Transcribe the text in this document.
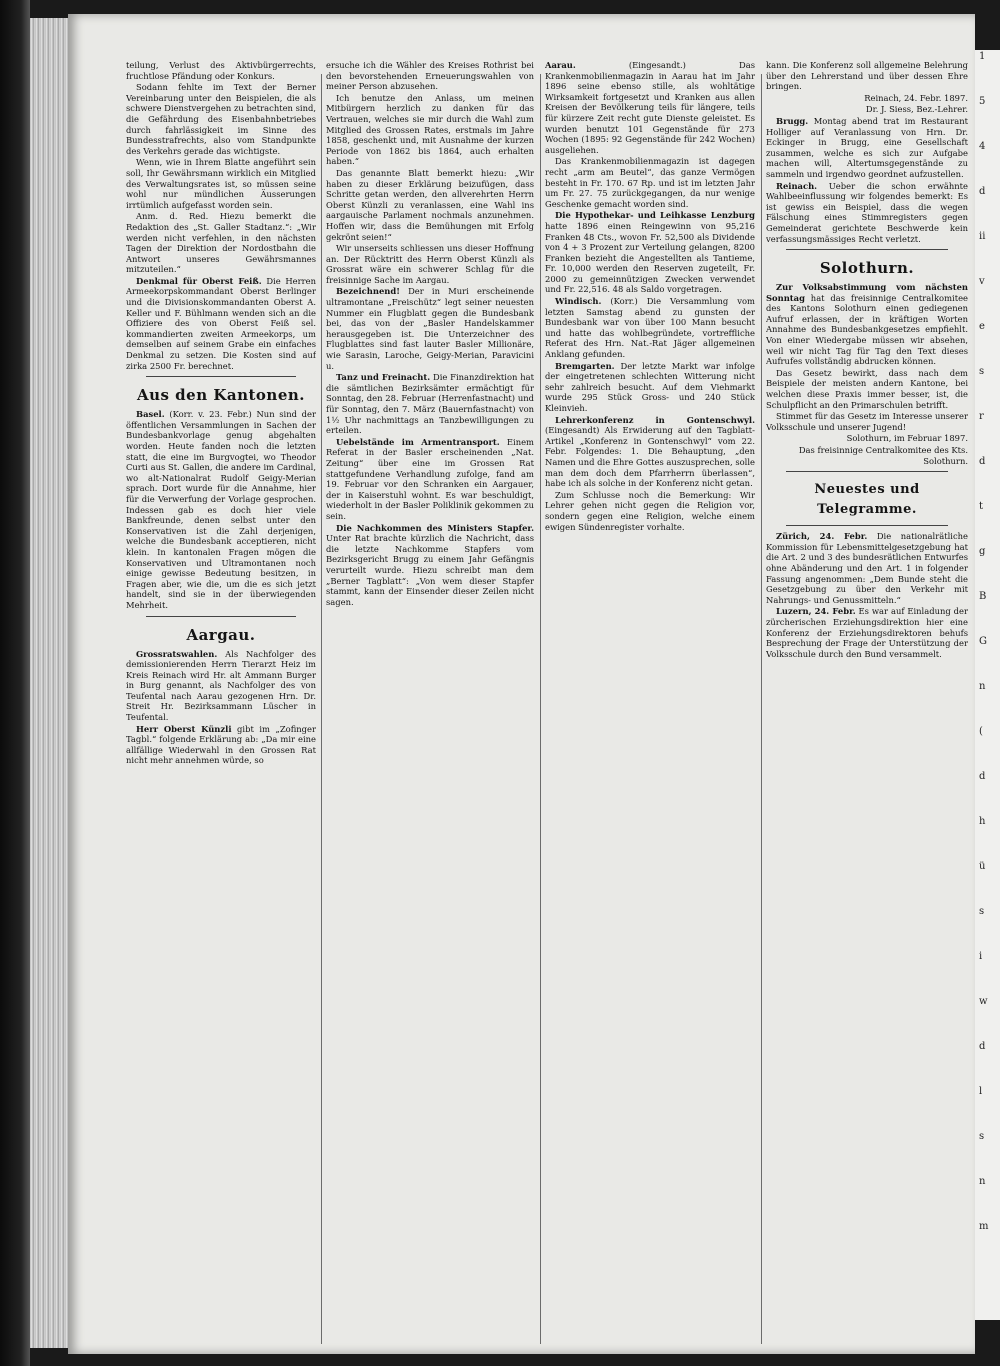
teilung, Verlust des Aktivbürgerrechts, fruchtlose Pfändung oder Konkurs.

Sodann fehlte im Text der Berner Vereinbarung unter den Beispielen, die als schwere Dienstvergehen zu betrachten sind, die Gefährdung des Eisenbahnbetriebes durch fahrlässigkeit im Sinne des Bundesstrafrechts, also vom Standpunkte des Verkehrs gerade das wichtigste.

Wenn, wie in Ihrem Blatte angeführt sein soll, Ihr Gewährsmann wirklich ein Mitglied des Verwaltungsrates ist, so müssen seine wohl nur mündlichen Äusserungen irrtümlich aufgefasst worden sein.

Anm. d. Red. Hiezu bemerkt die Redaktion des „St. Galler Stadtanz.“: „Wir werden nicht verfehlen, in den nächsten Tagen der Direktion der Nordostbahn die Antwort unseres Gewährsmannes mitzuteilen.“

Denkmal für Oberst Feiß. Die Herren Armeekorpskommandant Oberst Berlinger und die Divisionskommandanten Oberst A. Keller und F. Bühlmann wenden sich an die Offiziere des von Oberst Feiß sel. kommandierten zweiten Armeekorps, um demselben auf seinem Grabe ein einfaches Denkmal zu setzen. Die Kosten sind auf zirka 2500 Fr. berechnet.

Aus den Kantonen.

Basel. (Korr. v. 23. Febr.) Nun sind der öffentlichen Versammlungen in Sachen der Bundesbankvorlage genug abgehalten worden. Heute fanden noch die letzten statt, die eine im Burgvogtei, wo Theodor Curti aus St. Gallen, die andere im Cardinal, wo alt-Nationalrat Rudolf Geigy-Merian sprach. Dort wurde für die Annahme, hier für die Verwerfung der Vorlage gesprochen. Indessen gab es doch hier viele Bankfreunde, denen selbst unter den Konservativen ist die Zahl derjenigen, welche die Bundesbank acceptieren, nicht klein. In kantonalen Fragen mögen die Konservativen und Ultramontanen noch einige gewisse Bedeutung besitzen, in Fragen aber, wie die, um die es sich jetzt handelt, sind sie in der überwiegenden Mehrheit.

Aargau.

Grossratswahlen. Als Nachfolger des demissionierenden Herrn Tierarzt Heiz im Kreis Reinach wird Hr. alt Ammann Burger in Burg genannt, als Nachfolger des von Teufental nach Aarau gezogenen Hrn. Dr. Streit Hr. Bezirksammann Lüscher in Teufental.

Herr Oberst Künzli gibt im „Zofinger Tagbl.“ folgende Erklärung ab: „Da mir eine allfällige Wiederwahl in den Grossen Rat nicht mehr annehmen würde, so

ersuche ich die Wähler des Kreises Rothrist bei den bevorstehenden Erneuerungswahlen von meiner Person abzusehen.

Ich benutze den Anlass, um meinen Mitbürgern herzlich zu danken für das Vertrauen, welches sie mir durch die Wahl zum Mitglied des Grossen Rates, erstmals im Jahre 1858, geschenkt und, mit Ausnahme der kurzen Periode von 1862 bis 1864, auch erhalten haben.“

Das genannte Blatt bemerkt hiezu: „Wir haben zu dieser Erklärung beizufügen, dass Schritte getan werden, den allverehrten Herrn Oberst Künzli zu veranlassen, eine Wahl ins aargauische Parlament nochmals anzunehmen. Hoffen wir, dass die Bemühungen mit Erfolg gekrönt seien!“

Wir unserseits schliessen uns dieser Hoffnung an. Der Rücktritt des Herrn Oberst Künzli als Grossrat wäre ein schwerer Schlag für die freisinnige Sache im Aargau.

Bezeichnend! Der in Muri erscheinende ultramontane „Freischütz“ legt seiner neuesten Nummer ein Flugblatt gegen die Bundesbank bei, das von der „Basler Handelskammer herausgegeben ist. Die Unterzeichner des Flugblattes sind fast lauter Basler Millionäre, wie Sarasin, Laroche, Geigy-Merian, Paravicini u.

Tanz und Freinacht. Die Finanzdirektion hat die sämtlichen Bezirksämter ermächtigt für Sonntag, den 28. Februar (Herrenfastnacht) und für Sonntag, den 7. März (Bauernfastnacht) von 1½ Uhr nachmittags an Tanzbewilligungen zu erteilen.

Uebelstände im Armentransport. Einem Referat in der Basler erscheinenden „Nat. Zeitung“ über eine im Grossen Rat stattgefundene Verhandlung zufolge, fand am 19. Februar vor den Schranken ein Aargauer, der in Kaiserstuhl wohnt. Es war beschuldigt, wiederholt in der Basler Poliklinik gekommen zu sein.

Die Nachkommen des Ministers Stapfer. Unter Rat brachte kürzlich die Nachricht, dass die letzte Nachkomme Stapfers vom Bezirksgericht Brugg zu einem Jahr Gefängnis verurteilt wurde. Hiezu schreibt man dem „Berner Tagblatt“: „Von wem dieser Stapfer stammt, kann der Einsender dieser Zeilen nicht sagen.

Aarau.	(Eingesandt.) Das Krankenmobilienmagazin in Aarau hat im Jahr 1896 seine ebenso stille, als wohltätige Wirksamkeit fortgesetzt und Kranken aus allen Kreisen der Bevölkerung teils für längere, teils für kürzere Zeit recht gute Dienste geleistet. Es wurden benutzt 101 Gegenstände für 273 Wochen (1895: 92 Gegenstände für 242 Wochen) ausgeliehen.

Das Krankenmobilienmagazin ist dagegen recht „arm am Beutel“, das ganze Vermögen besteht in Fr. 170. 67 Rp. und ist im letzten Jahr um Fr. 27. 75 zurückgegangen, da nur wenige Geschenke gemacht worden sind.

Die Hypothekar- und Leihkasse Lenzburg hatte 1896 einen Reingewinn von 95,216 Franken 48 Cts., wovon Fr. 52,500 als Dividende von 4 + 3 Prozent zur Verteilung gelangen, 8200 Franken bezieht die Angestellten als Tantieme, Fr. 10,000 werden den Reserven zugeteilt, Fr. 2000 zu gemeinnützigen Zwecken verwendet und Fr. 22,516. 48 als Saldo vorgetragen.

Windisch. (Korr.) Die Versammlung vom letzten Samstag abend zu gunsten der Bundesbank war von über 100 Mann besucht und hatte das wohlbegründete, vortreffliche Referat des Hrn. Nat.-Rat Jäger allgemeinen Anklang gefunden.

Bremgarten. Der letzte Markt war infolge der eingetretenen schlechten Witterung nicht sehr zahlreich besucht. Auf dem Viehmarkt wurde 295 Stück Gross- und 240 Stück Kleinvieh.

Lehrerkonferenz in Gontenschwyl. (Eingesandt) Als Erwiderung auf den Tagblatt-Artikel „Konferenz in Gontenschwyl“ vom 22. Febr. Folgendes: 1. Die Behauptung, „den Namen und die Ehre Gottes auszusprechen, solle man dem doch dem Pfarrherrn überlassen“, habe ich als solche in der Konferenz nicht getan.

Zum Schlusse noch die Bemerkung: Wir Lehrer gehen nicht gegen die Religion vor, sondern gegen eine Religion, welche einem ewigen Sündenregister vorhalte.

kann. Die Konferenz soll allgemeine Belehrung über den Lehrerstand und über dessen Ehre bringen.

Reinach, 24. Febr. 1897.

Dr. J. Siess, Bez.-Lehrer.

Brugg. Montag abend trat im Restaurant Holliger auf Veranlassung von Hrn. Dr. Eckinger in Brugg, eine Gesellschaft zusammen, welche es sich zur Aufgabe machen will, Altertumsgegenstände zu sammeln und irgendwo geordnet aufzustellen.

Reinach. Ueber die schon erwähnte Wahlbeeinflussung wir folgendes bemerkt: Es ist gewiss ein Beispiel, dass die wegen Fälschung eines Stimmregisters gegen Gemeinderat gerichtete Beschwerde kein verfassungsmässiges Recht verletzt.

Solothurn.

Zur Volksabstimmung vom nächsten Sonntag hat das freisinnige Centralkomitee des Kantons Solothurn einen gediegenen Aufruf erlassen, der in kräftigen Worten Annahme des Bundesbankgesetzes empfiehlt. Von einer Wiedergabe müssen wir absehen, weil wir nicht Tag für Tag den Text dieses Aufrufes vollständig abdrucken können.

Das Gesetz bewirkt, dass nach dem Beispiele der meisten andern Kantone, bei welchen diese Praxis immer besser, ist, die Schulpflicht an den Primarschulen betrifft.

Stimmet für das Gesetz im Interesse unserer Volksschule und unserer Jugend!

Solothurn, im Februar 1897.

Das freisinnige Centralkomitee des Kts. Solothurn.

Neuestes und Telegramme.

Zürich, 24. Febr. Die nationalrätliche Kommission für Lebensmittelgesetzgebung hat die Art. 2 und 3 des bundesrätlichen Entwurfes ohne Abänderung und den Art. 1 in folgender Fassung angenommen: „Dem Bunde steht die Gesetzgebung zu über den Verkehr mit Nahrungs- und Genussmitteln.“

Luzern, 24. Febr. Es war auf Einladung der zürcherischen Erziehungsdirektion hier eine Konferenz der Erziehungsdirektoren behufs Besprechung der Frage der Unterstützung der Volksschule durch den Bund versammelt.

1
5
4
d
ii
v
e
s
r
d
t
g
B
G
n
(
d
h
ü
s
i
w
d
l
s
n
m
